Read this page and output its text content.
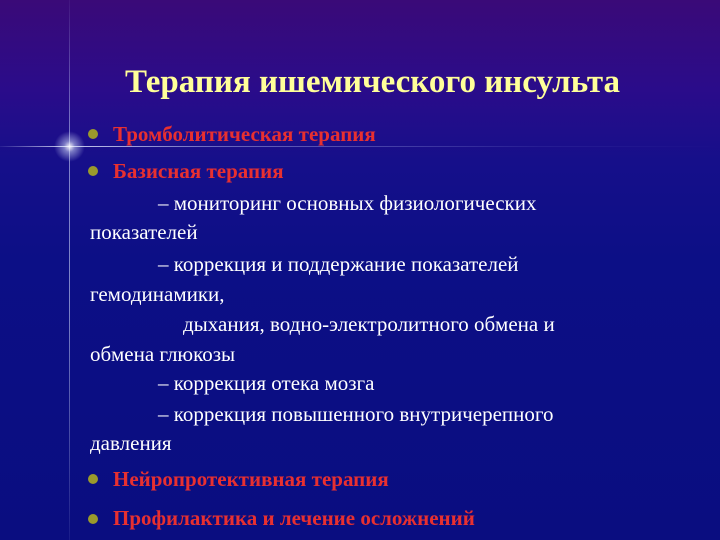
Терапия ишемического инсульта
Тромболитическая терапия
Базисная терапия
– мониторинг основных физиологических
показателей
– коррекция и поддержание показателей
гемодинамики,
дыхания, водно-электролитного обмена и
обмена глюкозы
– коррекция отека мозга
– коррекция повышенного внутричерепного
давления
Нейропротективная терапия
Профилактика и лечение осложнений
